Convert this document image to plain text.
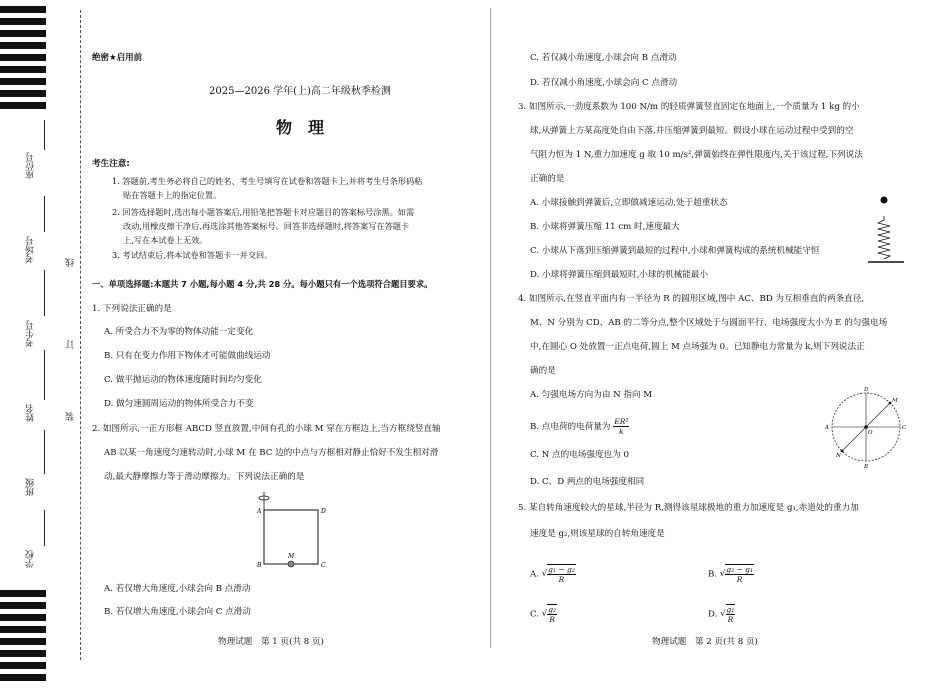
座位号
考场号
考生号
姓名
班级
学校
线
订
装
绝密★启用前
2025—2026 学年(上)高二年级秋季检测
物　理
考生注意:
1. 答题前,考生务必将自己的姓名、考生号填写在试卷和答题卡上,并将考生号条形码粘
贴在答题卡上的指定位置。
2. 回答选择题时,选出每小题答案后,用铅笔把答题卡对应题目的答案标号涂黑。如需
改动,用橡皮擦干净后,再选涂其他答案标号。回答非选择题时,将答案写在答题卡
上,写在本试卷上无效。
3. 考试结束后,将本试卷和答题卡一并交回。
一、单项选择题:本题共 7 小题,每小题 4 分,共 28 分。每小题只有一个选项符合题目要求。
1. 下列说法正确的是
A. 所受合力不为零的物体动能一定变化
B. 只有在变力作用下物体才可能做曲线运动
C. 做平抛运动的物体速度随时间均匀变化
D. 做匀速圆周运动的物体所受合力不变
2. 如图所示,一正方形框 ABCD 竖直放置,中间有孔的小球 M 穿在方框边上,当方框绕竖直轴
AB 以某一角速度匀速转动时,小球 M 在 BC 边的中点与方框相对静止恰好不发生相对滑
动,最大静摩擦力等于滑动摩擦力。下列说法正确的是
A	D
B	C
M
A. 若仅增大角速度,小球会向 B 点滑动
B. 若仅增大角速度,小球会向 C 点滑动
物理试题　第 1 页(共 8 页)
C. 若仅减小角速度,小球会向 B 点滑动
D. 若仅减小角速度,小球会向 C 点滑动
3. 如图所示,一劲度系数为 100 N/m 的轻质弹簧竖直固定在地面上,一个质量为 1 kg 的小
球,从弹簧上方某高度处自由下落,并压缩弹簧到最短。假设小球在运动过程中受到的空
气阻力恒为 1 N,重力加速度 g 取 10 m/s²,弹簧始终在弹性限度内,关于该过程,下列说法
正确的是
A. 小球接触到弹簧后,立即做减速运动,处于超重状态
B. 小球将弹簧压缩 11 cm 时,速度最大
C. 小球从下落到压缩弹簧到最短的过程中,小球和弹簧构成的系统机械能守恒
D. 小球将弹簧压缩到最短时,小球的机械能最小
4. 如图所示,在竖直平面内有一半径为 R 的圆形区域,图中 AC、BD 为互相垂直的两条直径,
M、N 分别为 CD、AB 的二等分点,整个区域处于与圆面平行、电场强度大小为 E 的匀强电场
中,在圆心 O 处放置一正点电荷,圆上 M 点场强为 0。已知静电力常量为 k,则下列说法正
确的是
A. 匀强电场方向为由 N 指向 M
B. 点电荷的电荷量为 $\frac{\text{ER²}}{k}$
C. N 点的电场强度也为 0
D. C、D 两点的电场强度相同
A	C
D
B
M
N
O
5. 某自转角速度较大的星球,半径为 R,测得该星球极地的重力加速度是 g₁,赤道处的重力加
速度是 g₂,则该星球的自转角速度是
A. √ $\frac{\text{g₁ − g₂}}{R}$	B. √ $\frac{\text{g₂ − g₁}}{R}$
C. √ $\frac{\text{g₂}}{R}$	D. √ $\frac{\text{g₁}}{R}$
物理试题　第 2 页(共 8 页)
